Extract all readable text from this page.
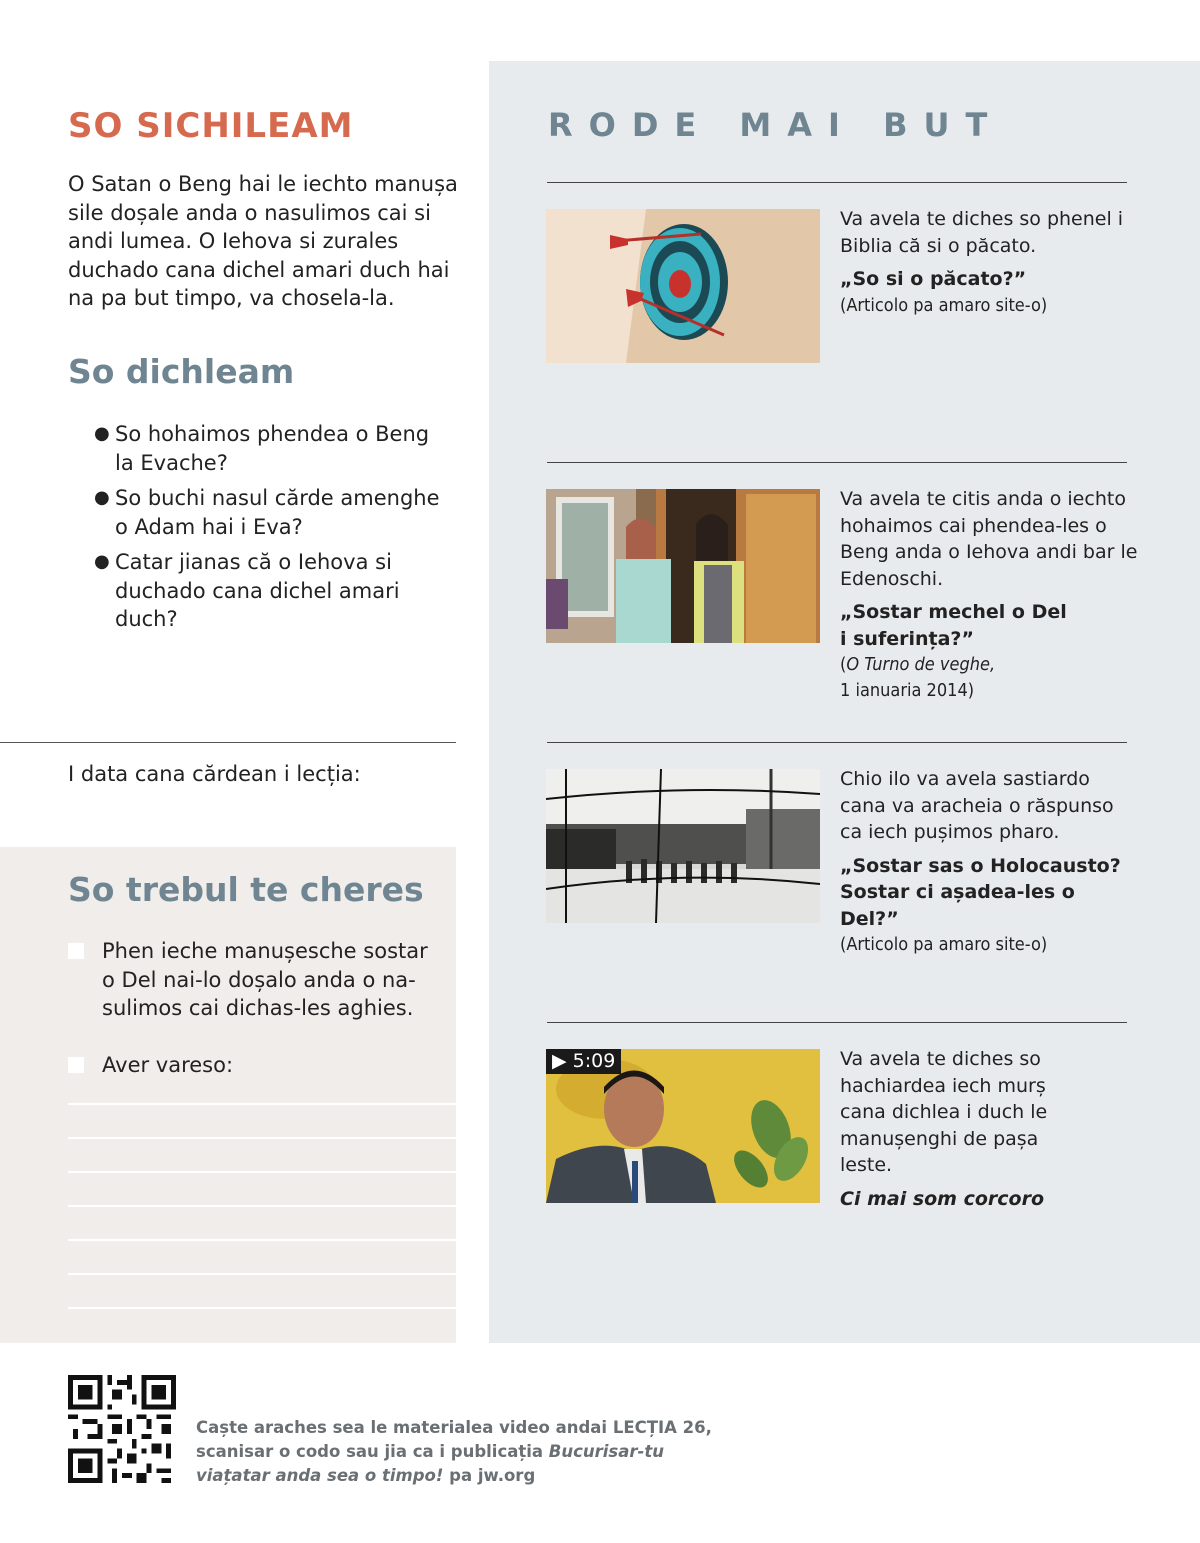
SO SICHILEAM

O Satan o Beng hai le iechto manușa sile doșale anda o nasulimos cai si andi lumea. O Iehova si zurales duchado cana dichel amari duch hai na pa but timpo, va choselа-la.

So dichleam
● So hohaimos phendea o Beng la Evache?
● So buchi nasul cărde amenghe o Adam hai i Eva?
● Catar jianas că o Iehova si duchado cana dichel amari duch?
I data cana cărdean i lecția:
So trebul te cheres
Phen ieche manușesche sostar o Del nai-lo doșalo anda o na-sulimos cai dichas-les aghies.
Aver vareso:
RODE MAI BUT
Va avela te diches so phenel i Biblia că si o păcato.
„So si o păcato?”
(Articolo pa amaro site-o)
Va avela te citis anda o iechto hohaimos cai phendea-les o Beng anda o Iehova andi bar le Edenoschi.
„Sostar mechel o Del
i suferința?”
(O Turno de veghe,
1 ianuaria 2014)
Chio ilo va avela sastiardo cana va aracheia o răspunso ca iech pușimos pharo.
„Sostar sas o Holocausto?
Sostar ci așadea-les o Del?”
(Articolo pa amaro site-o)
▶ 5:09	Va avela te diches so hachiardea iech murș cana dichlea i duch le manușenghi de pașa leste.
Ci mai som corcoro
Cașt​e araches sea le materialea video andai LECȚIA 26,
scanisar o codo sau jia ca i publicația Bucurisar-tu
viațatar anda sea o timpo! pa jw.org
